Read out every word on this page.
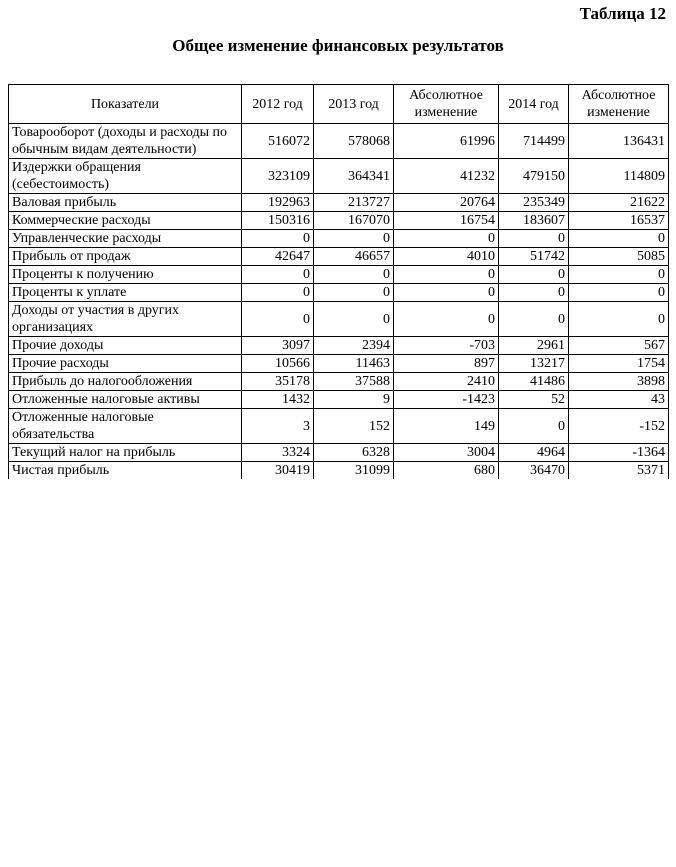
Таблица 12
Общее изменение финансовых результатов
Показатели	2012 год	2013 год	Абсолютное изменение	2014 год	Абсолютное изменение
Товарооборот (доходы и расходы по обычным видам деятельности)	516072	578068	61996	714499	136431
Издержки обращения (себестоимость)	323109	364341	41232	479150	114809
Валовая прибыль	192963	213727	20764	235349	21622
Коммерческие расходы	150316	167070	16754	183607	16537
Управленческие расходы	0	0	0	0	0
Прибыль от продаж	42647	46657	4010	51742	5085
Проценты к получению	0	0	0	0	0
Проценты к уплате	0	0	0	0	0
Доходы от участия в других организациях	0	0	0	0	0
Прочие доходы	3097	2394	-703	2961	567
Прочие расходы	10566	11463	897	13217	1754
Прибыль до налогообложения	35178	37588	2410	41486	3898
Отложенные налоговые активы	1432	9	-1423	52	43
Отложенные налоговые обязательства	3	152	149	0	-152
Текущий налог на прибыль	3324	6328	3004	4964	-1364
Чистая прибыль	30419	31099	680	36470	5371
